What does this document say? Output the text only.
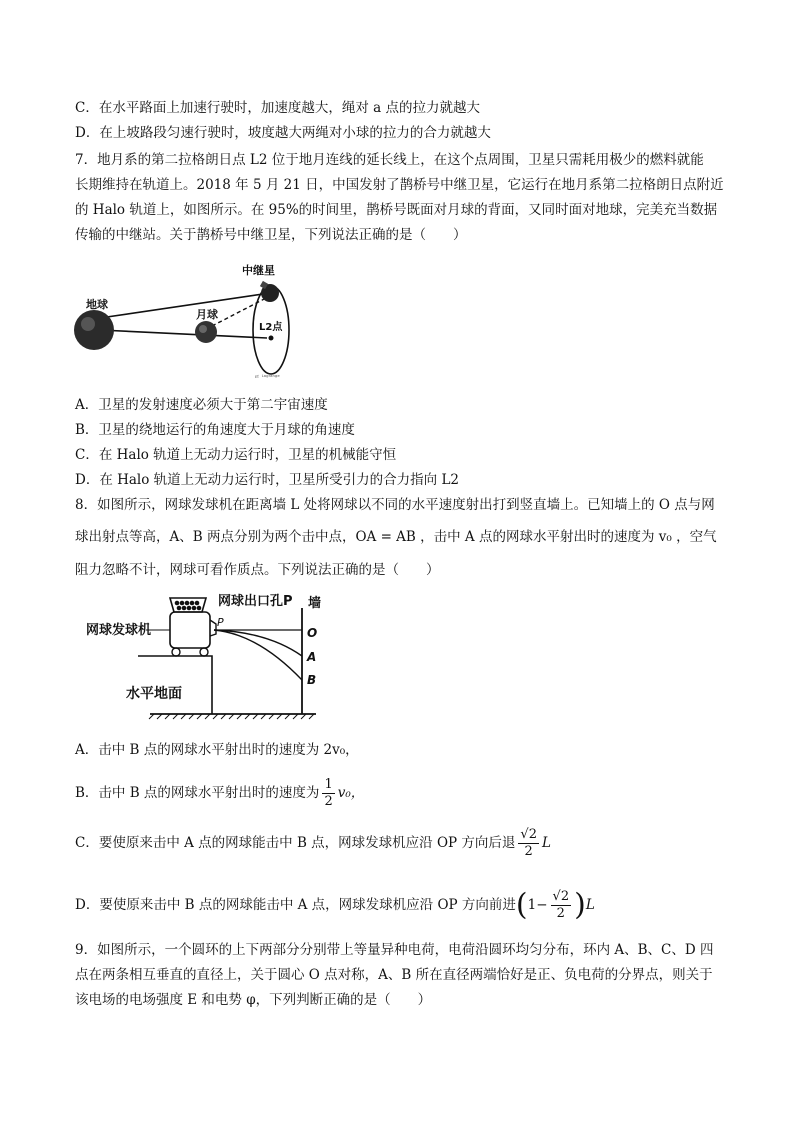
C．在水平路面上加速行驶时，加速度越大，绳对 a 点的拉力就越大
D．在上坡路段匀速行驶时，坡度越大两绳对小球的拉力的合力就越大
7．地月系的第二拉格朗日点 L2 位于地月连线的延长线上，在这个点周围，卫星只需耗用极少的燃料就能
长期维持在轨道上。2018 年 5 月 21 日，中国发射了鹊桥号中继卫星，它运行在地月系第二拉格朗日点附近
的 Halo 轨道上，如图所示。在 95%的时间里，鹊桥号既面对月球的背面，又同时面对地球，完美充当数据
传输的中继站。关于鹊桥号中继卫星，下列说法正确的是（　　）
地球
月球
中继星
L2点
ㄹ ᴸᵃᵍʳᵃⁿᵍᵉ
A．卫星的发射速度必须大于第二宇宙速度
B．卫星的绕地运行的角速度大于月球的角速度
C．在 Halo 轨道上无动力运行时，卫星的机械能守恒
D．在 Halo 轨道上无动力运行时，卫星所受引力的合力指向 L2
8．如图所示，网球发球机在距离墙 L 处将网球以不同的水平速度射出打到竖直墙上。已知墙上的 O 点与网
球出射点等高，A、B 两点分别为两个击中点，OA = AB ，击中 A 点的网球水平射出时的速度为 v₀ ，空气
阻力忽略不计，网球可看作质点。下列说法正确的是（　　）
网球发球机
网球出口孔P 墙
水平地面
P
O
A
B
A．击中 B 点的网球水平射出时的速度为 2v₀，
B．击中 B 点的网球水平射出时的速度为 $\frac{1}{2} v_0$，
C．要使原来击中 A 点的网球能击中 B 点，网球发球机应沿 OP 方向后退 $\frac{√2}{2}$ L
D．要使原来击中 B 点的网球能击中 A 点，网球发球机应沿 OP 方向前进$(1- \frac{√2}{2} )L$
9．如图所示，一个圆环的上下两部分分别带上等量异种电荷，电荷沿圆环均匀分布，环内 A、B、C、D 四
点在两条相互垂直的直径上，关于圆心 O 点对称，A、B 所在直径两端恰好是正、负电荷的分界点，则关于
该电场的电场强度 E 和电势 φ，下列判断正确的是（　　）
